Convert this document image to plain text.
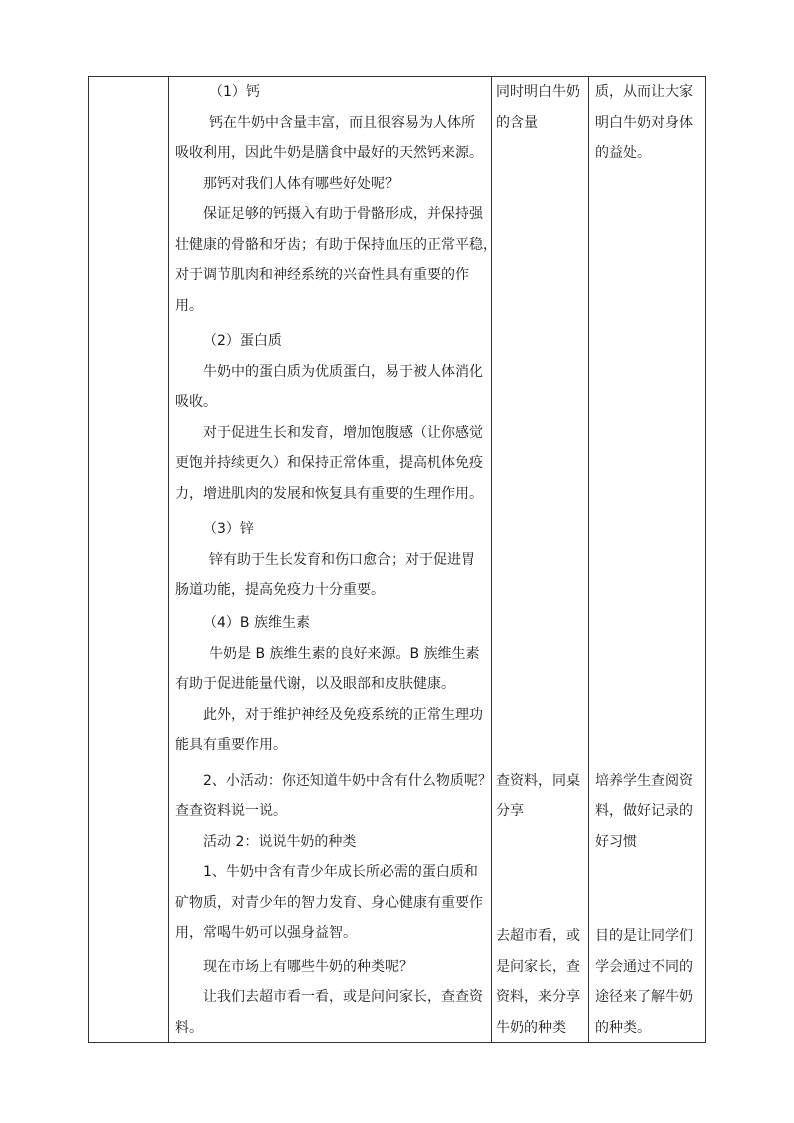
（1）钙
钙在牛奶中含量丰富，而且很容易为人体所
吸收利用，因此牛奶是膳食中最好的天然钙来源。
那钙对我们人体有哪些好处呢？
保证足够的钙摄入有助于骨骼形成，并保持强
壮健康的骨骼和牙齿；有助于保持血压的正常平稳，
对于调节肌肉和神经系统的兴奋性具有重要的作
用。
（2）蛋白质
牛奶中的蛋白质为优质蛋白，易于被人体消化
吸收。
对于促进生长和发育，增加饱腹感（让你感觉
更饱并持续更久）和保持正常体重，提高机体免疫
力，增进肌肉的发展和恢复具有重要的生理作用。
（3）锌
锌有助于生长发育和伤口愈合；对于促进胃
肠道功能，提高免疫力十分重要。
（4）B 族维生素
牛奶是 B 族维生素的良好来源。B 族维生素
有助于促进能量代谢，以及眼部和皮肤健康。
此外，对于维护神经及免疫系统的正常生理功
能具有重要作用。
2、小活动：你还知道牛奶中含有什么物质呢？
查查资料说一说。
活动 2：说说牛奶的种类
1、牛奶中含有青少年成长所必需的蛋白质和
矿物质，对青少年的智力发育、身心健康有重要作
用，常喝牛奶可以强身益智。
现在市场上有哪些牛奶的种类呢？
让我们去超市看一看，或是问问家长，查查资
料。
同时明白牛奶
的含量
查资料，同桌
分享
去超市看，或
是问家长，查
资料，来分享
牛奶的种类
质，从而让大家
明白牛奶对身体
的益处。
培养学生查阅资
料，做好记录的
好习惯
目的是让同学们
学会通过不同的
途径来了解牛奶
的种类。
